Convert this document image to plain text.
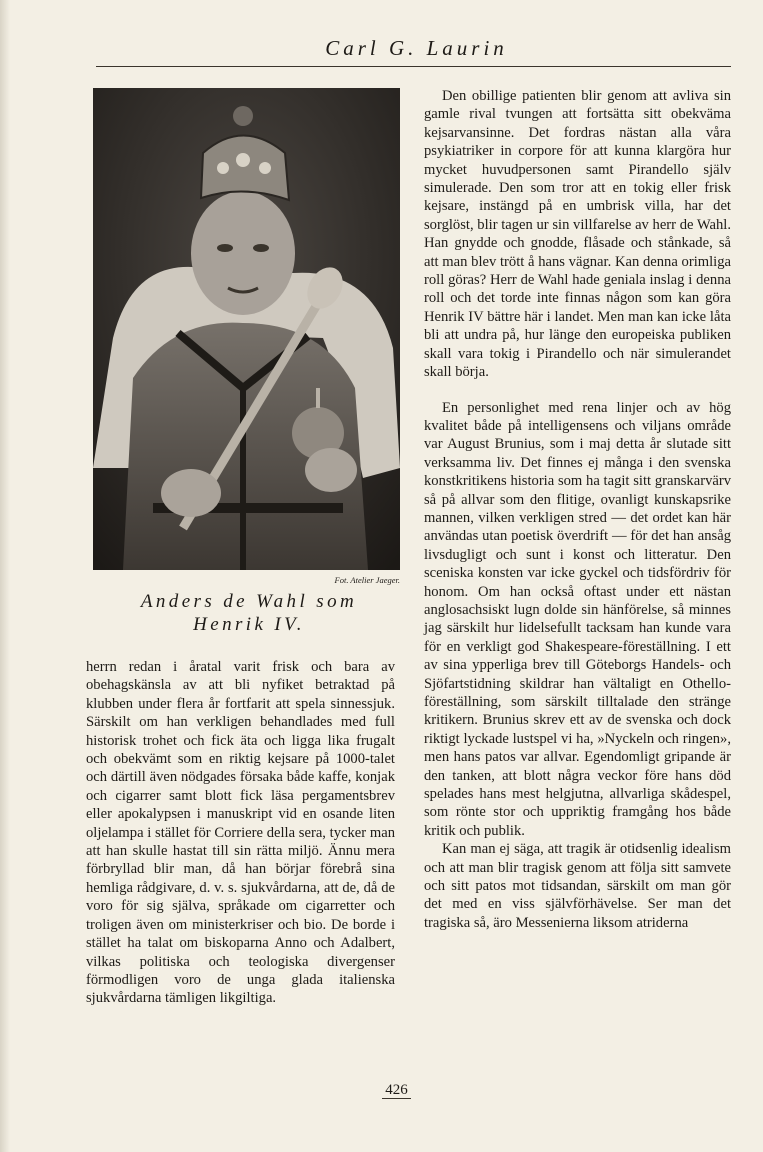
Carl G. Laurin
Fot. Atelier Jaeger.
Anders de Wahl som Henrik IV.

herrn redan i åratal varit frisk och bara av obehagskänsla av att bli nyfiket betraktad på klubben under flera år fortfarit att spela sinnessjuk. Särskilt om han verkligen behandlades med full historisk trohet och fick äta och ligga lika frugalt och obekvämt som en riktig kejsare på 1000-talet och därtill även nödgades försaka både kaffe, konjak och cigarrer samt blott fick läsa pergamentsbrev eller apokalypsen i manuskript vid en osande liten oljelampa i stället för Corriere della sera, tycker man att han skulle hastat till sin rätta miljö. Ännu mera förbryllad blir man, då han börjar förebrå sina hemliga rådgivare, d. v. s. sjukvårdarna, att de, då de voro för sig själva, språkade om cigarretter och troligen även om ministerkriser och bio. De borde i stället ha talat om biskoparna Anno och Adalbert, vilkas politiska och teologiska divergenser förmodligen voro de unga glada italienska sjukvårdarna tämligen likgiltiga.

Den obillige patienten blir genom att avliva sin gamle rival tvungen att fortsätta sitt obekväma kejsarvansinne. Det fordras nästan alla våra psykiatriker in corpore för att kunna klargöra hur mycket huvudpersonen samt Pirandello själv simulerade. Den som tror att en tokig eller frisk kejsare, instängd på en umbrisk villa, har det sorglöst, blir tagen ur sin villfarelse av herr de Wahl. Han gnydde och gnodde, flåsade och stånkade, så att man blev trött å hans vägnar. Kan denna orimliga roll göras? Herr de Wahl hade geniala inslag i denna roll och det torde inte finnas någon som kan göra Henrik IV bättre här i landet. Men man kan icke låta bli att undra på, hur länge den europeiska publiken skall vara tokig i Pirandello och när simulerandet skall börja.

En personlighet med rena linjer och av hög kvalitet både på intelligensens och viljans område var August Brunius, som i maj detta år slutade sitt verksamma liv. Det finnes ej många i den svenska konstkritikens historia som ha tagit sitt granskarvärv så på allvar som den flitige, ovanligt kunskapsrike mannen, vilken verkligen stred — det ordet kan här användas utan poetisk överdrift — för det han ansåg livsdugligt och sunt i konst och litteratur. Den sceniska konsten var icke gyckel och tidsfördriv för honom. Om han också oftast under ett nästan anglosachsiskt lugn dolde sin hänförelse, så minnes jag särskilt hur lidelsefullt tacksam han kunde vara för en verkligt god Shakespeare-föreställning. I ett av sina ypperliga brev till Göteborgs Handels- och Sjöfartstidning skildrar han vältaligt en Othello-föreställning, som särskilt tilltalade den stränge kritikern. Brunius skrev ett av de svenska och dock riktigt lyckade lustspel vi ha, »Nyckeln och ringen», men hans patos var allvar. Egendomligt gripande är den tanken, att blott några veckor före hans död spelades hans mest helgjutna, allvarliga skådespel, som rönte stor och uppriktig framgång hos både kritik och publik.

Kan man ej säga, att tragik är otidsenlig idealism och att man blir tragisk genom att följa sitt samvete och sitt patos mot tidsandan, särskilt om man gör det med en viss självförhävelse. Ser man det tragiska så, äro Messenierna liksom atriderna

426
